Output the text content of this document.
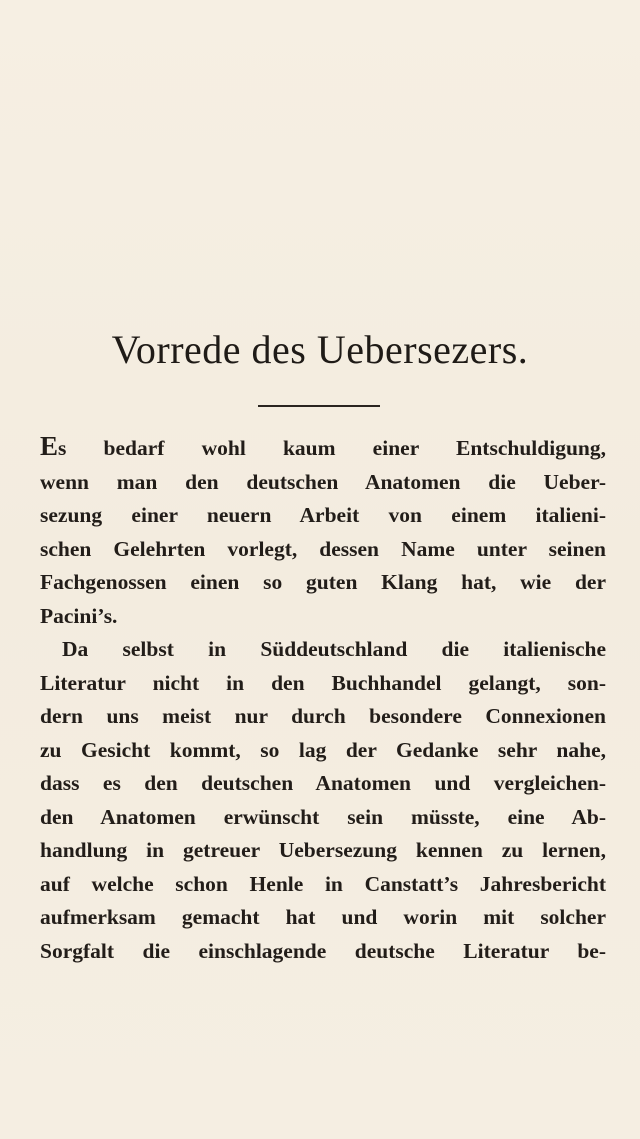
Vorrede des Uebersezers.
Es bedarf wohl kaum einer Entschuldigung,
wenn man den deutschen Anatomen die Ueber-
sezung einer neuern Arbeit von einem italieni-
schen Gelehrten vorlegt, dessen Name unter seinen
Fachgenossen einen so guten Klang hat, wie der
Pacini’s.
Da selbst in Süddeutschland die italienische
Literatur nicht in den Buchhandel gelangt, son-
dern uns meist nur durch besondere Connexionen
zu Gesicht kommt, so lag der Gedanke sehr nahe,
dass es den deutschen Anatomen und vergleichen-
den Anatomen erwünscht sein müsste, eine Ab-
handlung in getreuer Uebersezung kennen zu lernen,
auf welche schon Henle in Canstatt’s Jahresbericht
aufmerksam gemacht hat und worin mit solcher
Sorgfalt die einschlagende deutsche Literatur be-
